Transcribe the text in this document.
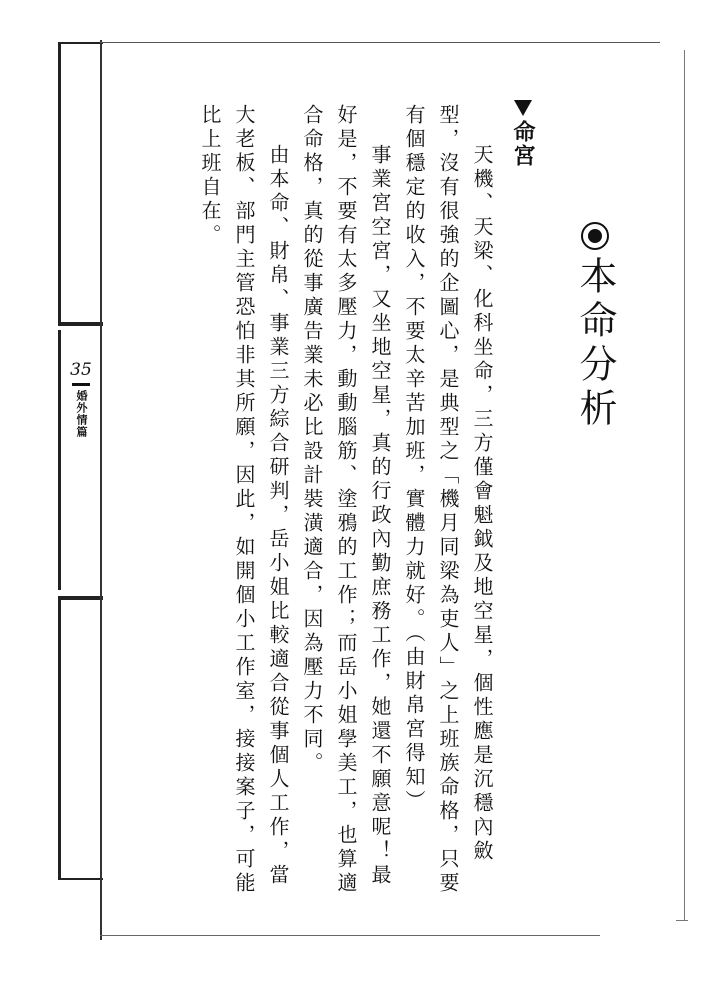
35
婚外情篇	本命分析
命宮

天機、天梁、化科坐命，三方僅會魁鉞及地空星，個性應是沉穩內斂型，沒有很強的企圖心，是典型之「機月同梁為吏人」之上班族命格，只要有個穩定的收入，不要太辛苦加班，實體力就好。（由財帛宮得知）

事業宮空宮，又坐地空星，真的行政內勤庶務工作，她還不願意呢！最好是，不要有太多壓力，動動腦筋、塗鴉的工作；而岳小姐學美工，也算適合命格，真的從事廣告業未必比設計裝潢適合，因為壓力不同。

由本命、財帛、事業三方綜合研判，岳小姐比較適合從事個人工作，當大老板、部門主管恐怕非其所願，因此，如開個小工作室，接接案子，可能比上班自在。
